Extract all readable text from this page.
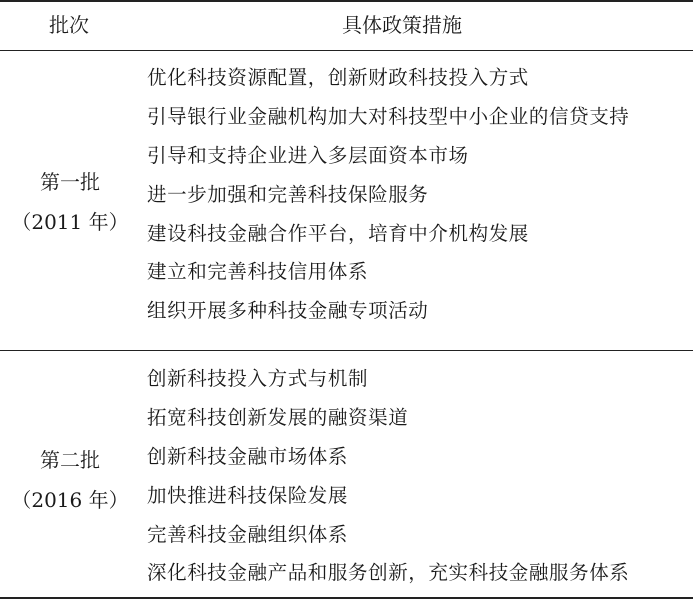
批次	具体政策措施
第一批
（2011 年）
优化科技资源配置，创新财政科技投入方式
引导银行业金融机构加大对科技型中小企业的信贷支持
引导和支持企业进入多层面资本市场
进一步加强和完善科技保险服务
建设科技金融合作平台，培育中介机构发展
建立和完善科技信用体系
组织开展多种科技金融专项活动
第二批
（2016 年）
创新科技投入方式与机制
拓宽科技创新发展的融资渠道
创新科技金融市场体系
加快推进科技保险发展
完善科技金融组织体系
深化科技金融产品和服务创新，充实科技金融服务体系
